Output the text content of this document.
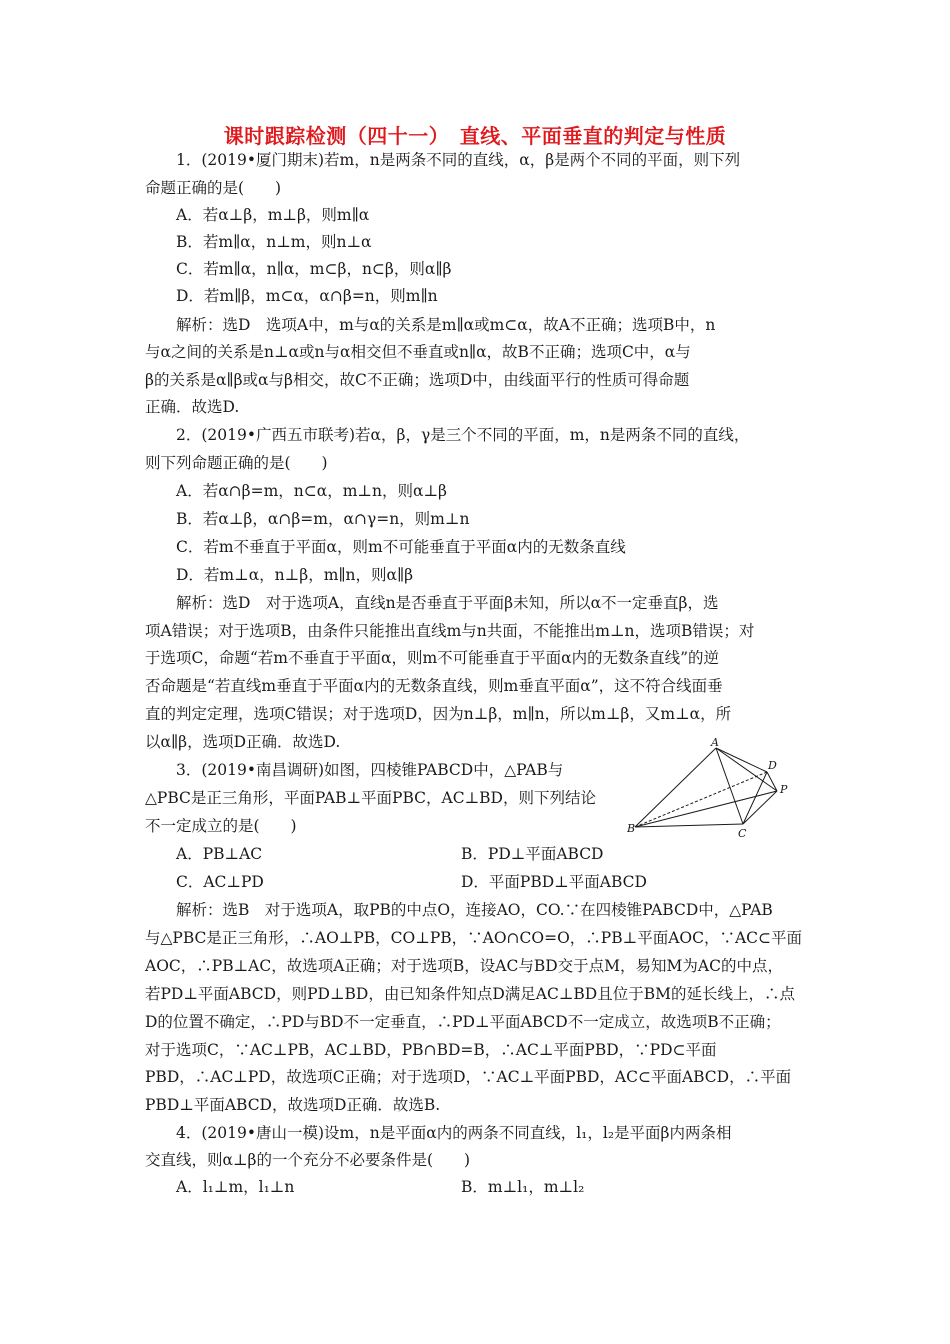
课时跟踪检测（四十一）　直线、平面垂直的判定与性质
1．(2019•厦门期末)若m，n是两条不同的直线，α，β是两个不同的平面，则下列
命题正确的是(　　)
A．若α⊥β，m⊥β，则m∥α
B．若m∥α，n⊥m，则n⊥α
C．若m∥α，n∥α，m⊂β，n⊂β，则α∥β
D．若m∥β，m⊂α，α∩β=n，则m∥n
解析：选D　选项A中，m与α的关系是m∥α或m⊂α，故A不正确；选项B中，n
与α之间的关系是n⊥α或n与α相交但不垂直或n∥α，故B不正确；选项C中，α与
β的关系是α∥β或α与β相交，故C不正确；选项D中，由线面平行的性质可得命题
正确．故选D.
2．(2019•广西五市联考)若α，β，γ是三个不同的平面，m，n是两条不同的直线，
则下列命题正确的是(　　)
A．若α∩β=m，n⊂α，m⊥n，则α⊥β
B．若α⊥β，α∩β=m，α∩γ=n，则m⊥n
C．若m不垂直于平面α，则m不可能垂直于平面α内的无数条直线
D．若m⊥α，n⊥β，m∥n，则α∥β
解析：选D　对于选项A，直线n是否垂直于平面β未知，所以α不一定垂直β，选
项A错误；对于选项B，由条件只能推出直线m与n共面，不能推出m⊥n，选项B错误；对
于选项C，命题“若m不垂直于平面α，则m不可能垂直于平面α内的无数条直线”的逆
否命题是“若直线m垂直于平面α内的无数条直线，则m垂直平面α”，这不符合线面垂
直的判定定理，选项C错误；对于选项D，因为n⊥β，m∥n，所以m⊥β，又m⊥α，所
以α∥β，选项D正确．故选D.
3．(2019•南昌调研)如图，四棱锥PABCD中，△PAB与
△PBC是正三角形，平面PAB⊥平面PBC，AC⊥BD，则下列结论
不一定成立的是(　　)
A
D
P
B	C
A．PB⊥AC	B．PD⊥平面ABCD
C．AC⊥PD	D．平面PBD⊥平面ABCD
解析：选B　对于选项A，取PB的中点O，连接AO，CO.∵在四棱锥PABCD中，△PAB
与△PBC是正三角形，∴AO⊥PB，CO⊥PB，∵AO∩CO=O，∴PB⊥平面AOC，∵AC⊂平面
AOC，∴PB⊥AC，故选项A正确；对于选项B，设AC与BD交于点M，易知M为AC的中点，
若PD⊥平面ABCD，则PD⊥BD，由已知条件知点D满足AC⊥BD且位于BM的延长线上，∴点
D的位置不确定，∴PD与BD不一定垂直，∴PD⊥平面ABCD不一定成立，故选项B不正确；
对于选项C，∵AC⊥PB，AC⊥BD，PB∩BD=B，∴AC⊥平面PBD，∵PD⊂平面
PBD，∴AC⊥PD，故选项C正确；对于选项D，∵AC⊥平面PBD，AC⊂平面ABCD，∴平面
PBD⊥平面ABCD，故选项D正确．故选B.
4．(2019•唐山一模)设m，n是平面α内的两条不同直线，l₁，l₂是平面β内两条相
交直线，则α⊥β的一个充分不必要条件是(　　)
A．l₁⊥m，l₁⊥n	B．m⊥l₁，m⊥l₂
